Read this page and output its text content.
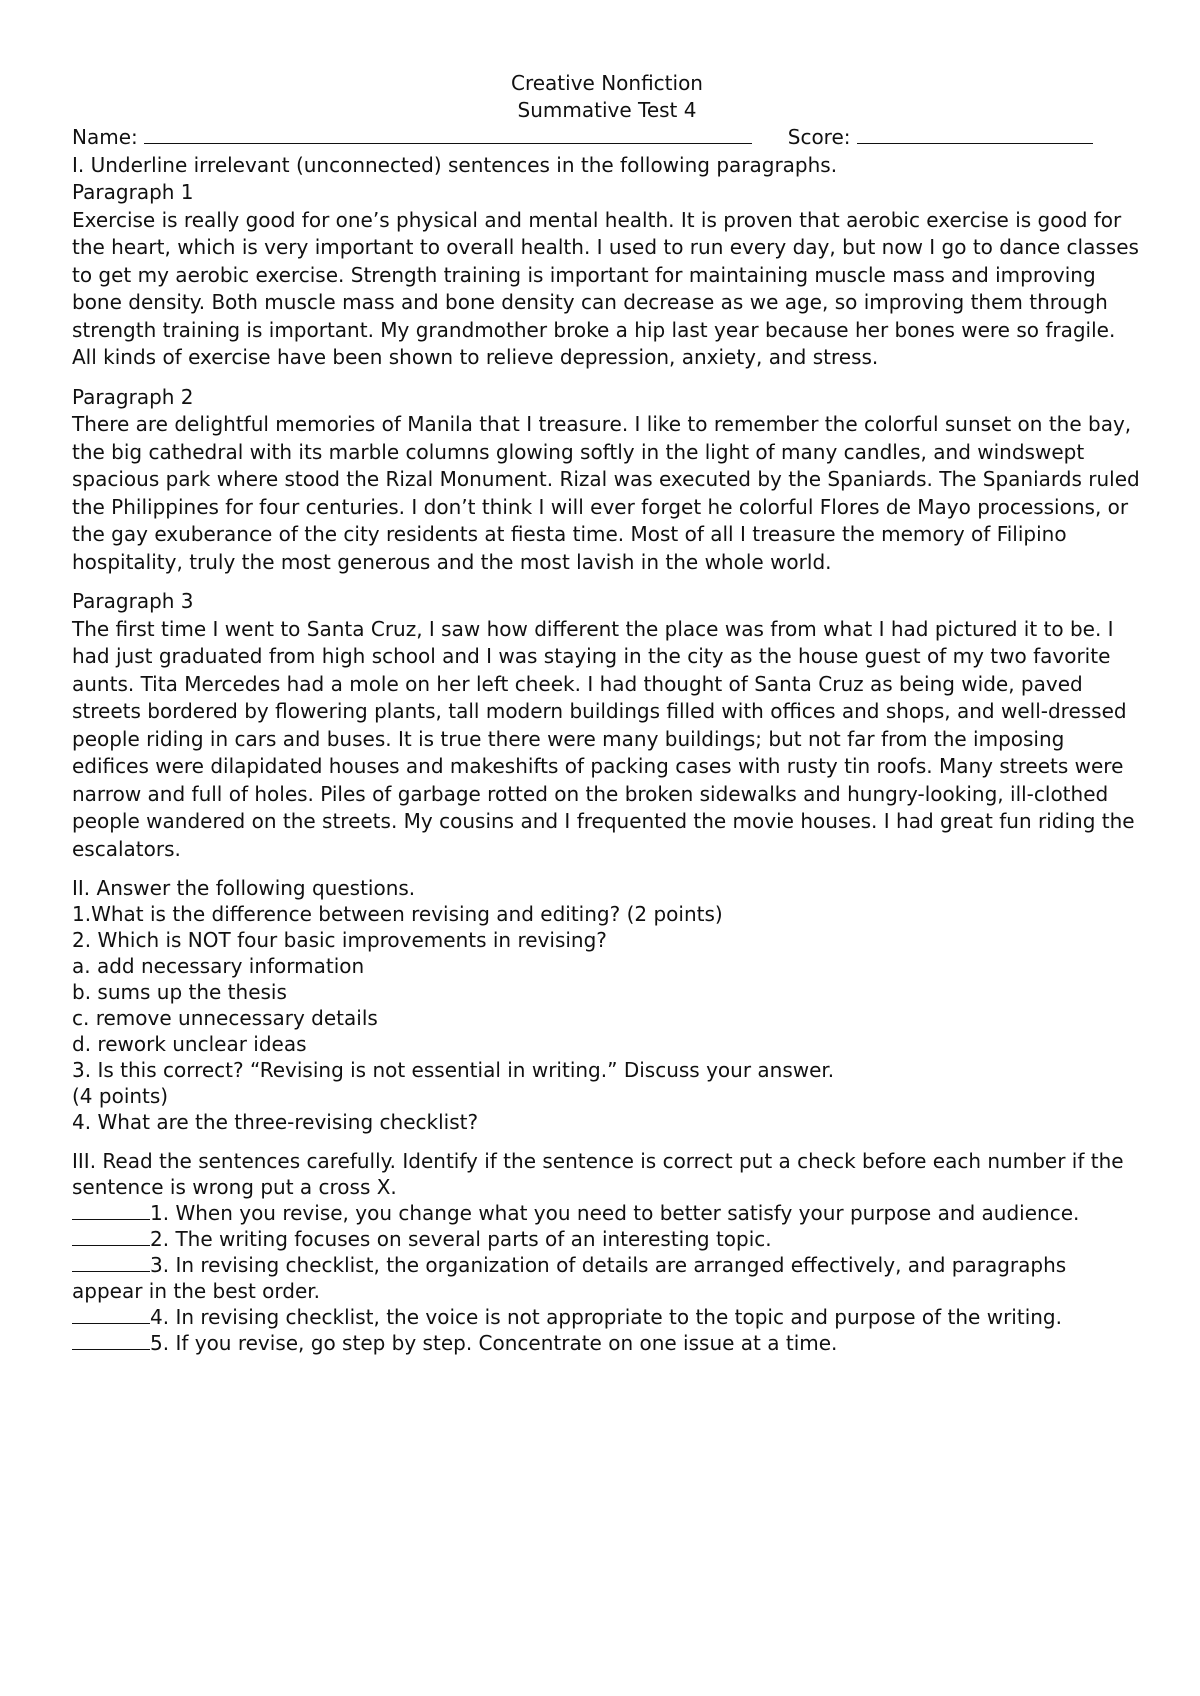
Creative Nonfiction

Summative Test 4

Name:	Score:

I. Underline irrelevant (unconnected) sentences in the following paragraphs.

Paragraph 1

Exercise is really good for one’s physical and mental health. It is proven that aerobic exercise is good for the heart, which is very important to overall health. I used to run every day, but now I go to dance classes to get my aerobic exercise. Strength training is important for maintaining muscle mass and improving bone density. Both muscle mass and bone density can decrease as we age, so improving them through strength training is important. My grandmother broke a hip last year because her bones were so fragile. All kinds of exercise have been shown to relieve depression, anxiety, and stress.

Paragraph 2

There are delightful memories of Manila that I treasure. I like to remember the colorful sunset on the bay, the big cathedral with its marble columns glowing softly in the light of many candles, and windswept spacious park where stood the Rizal Monument. Rizal was executed by the Spaniards. The Spaniards ruled the Philippines for four centuries. I don’t think I will ever forget he colorful Flores de Mayo processions, or the gay exuberance of the city residents at fiesta time. Most of all I treasure the memory of Filipino hospitality, truly the most generous and the most lavish in the whole world.

Paragraph 3

The first time I went to Santa Cruz, I saw how different the place was from what I had pictured it to be. I had just graduated from high school and I was staying in the city as the house guest of my two favorite aunts. Tita Mercedes had a mole on her left cheek. I had thought of Santa Cruz as being wide, paved streets bordered by flowering plants, tall modern buildings filled with offices and shops, and well-dressed people riding in cars and buses. It is true there were many buildings; but not far from the imposing edifices were dilapidated houses and makeshifts of packing cases with rusty tin roofs. Many streets were narrow and full of holes. Piles of garbage rotted on the broken sidewalks and hungry-looking, ill-clothed people wandered on the streets. My cousins and I frequented the movie houses. I had great fun riding the escalators.

II. Answer the following questions.

1.What is the difference between revising and editing? (2 points)

2. Which is NOT four basic improvements in revising?

a. add necessary information

b. sums up the thesis

c. remove unnecessary details

d. rework unclear ideas

3. Is this correct? “Revising is not essential in writing.” Discuss your answer.

(4 points)

4. What are the three-revising checklist?

III. Read the sentences carefully. Identify if the sentence is correct put a check before each number if the sentence is wrong put a cross X.

1. When you revise, you change what you need to better satisfy your purpose and audience.

2. The writing focuses on several parts of an interesting topic.

3. In revising checklist, the organization of details are arranged effectively, and paragraphs appear in the best order.

4. In revising checklist, the voice is not appropriate to the topic and purpose of the writing.

5. If you revise, go step by step. Concentrate on one issue at a time.
